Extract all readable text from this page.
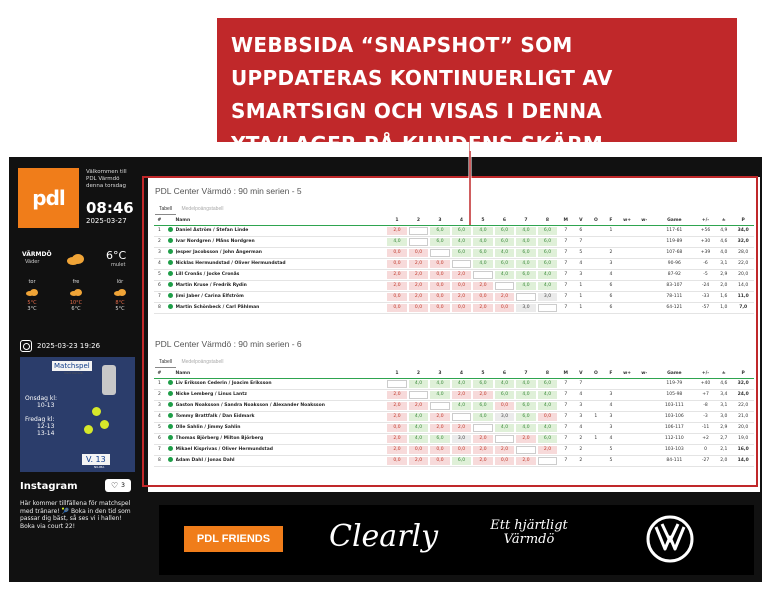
pdl
Välkommen till PDL Värmdö denna torsdag
08:46
2025-03-27
VÄRMDÖ
Väder	6°C
mulet
tor
5°C
3°C
fre
10°C
6°C
lör
8°C
5°C
2025-03-23 19:26
Matchspel
med tränare
Onsdag kl:
10-13
Fredag kl:
12-13
13-14
V. 13
NILIMA
Instagram	♡ 3
Här kommer tillfällena för matchspel med tränare! 🎾 Boka in den tid som passar dig bäst, så ses vi i hallen! Boka via court 22!
PDL Center Värmdö : 90 min serien - 5
Tabell Medelpoängstabell
#		Namn	1	2	3	4	5	6	7	8	M	V	O	F	w+	w-	Game	+/-	±	P
1		Daniel Åström / Stefan Linde	2,0		6,0	6,0	4,0	6,0	4,0	6,0	7	6		1			117-61	+56	4,9	34,0
2		Ivar Nordgren / Måns Nordgren	4,0		6,0	4,0	4,0	6,0	4,0	6,0	7	7					119-89	+30	4,6	32,0
3		Jesper Jacobsson / John Ångerman	0,0	0,0		6,0	6,0	4,0	6,0	6,0	7	5		2			107-68	+39	4,0	28,0
4		Nicklas Hermundstad / Oliver Hermundstad	0,0	2,0	0,0		4,0	6,0	4,0	6,0	7	4		3			90-96	-6	3,1	22,0
5		Lill Cronås / Jocke Cronås	2,0	2,0	0,0	2,0		4,0	6,0	4,0	7	3		4			87-92	-5	2,9	20,0
6		Martin Kruse / Fredrik Rydin	2,0	2,0	0,0	0,0	2,0		4,0	4,0	7	1		6			83-107	-24	2,0	14,0
7		Jimi Jaber / Carina Elfström	0,0	2,0	0,0	2,0	0,0	2,0		3,0	7	1		6			78-111	-33	1,6	11,0
8		Martin Schönbeck / Carl Påhlman	0,0	0,0	0,0	0,0	2,0	0,0	3,0		7	1		6			64-121	-57	1,0	7,0
PDL Center Värmdö : 90 min serien - 6
Tabell Medelpoängstabell
#		Namn	1	2	3	4	5	6	7	8	M	V	O	F	w+	w-	Game	+/-	±	P
1		Liv Eriksson Cederin / Joacim Eriksson		4,0	4,0	4,0	6,0	4,0	4,0	6,0	7	7					119-79	+40	4,6	32,0
2		Nicke Lemberg / Linus Lantz	2,0		4,0	2,0	2,0	6,0	4,0	4,0	7	4		3			105-98	+7	3,4	24,0
3		Gaston Noaksson / Sandra Noaksson / Alexander Noaksson	2,0	2,0		4,0	6,0	0,0	6,0	4,0	7	3		4			103-111	-8	3,1	22,0
4		Tommy Brattfalk / Dan Eidmark	2,0	4,0	2,0		4,0	3,0	6,0	0,0	7	3	1	3			103-106	-3	3,0	21,0
5		Olle Sahlin / Jimmy Sahlin	0,0	4,0	2,0	2,0		4,0	4,0	4,0	7	4		3			106-117	-11	2,9	20,0
6		Thomas Björberg / Milton Björberg	2,0	4,0	6,0	3,0	2,0		2,0	6,0	7	2	1	4			112-110	+2	2,7	19,0
7		Mikael Kisprivas / Oliver Hermundstad	2,0	0,0	0,0	0,0	2,0	2,0		2,0	7	2		5			103-103	0	2,1	16,0
8		Adam Dahl / Jonas Dahl	0,0	2,0	0,0	6,0	2,0	0,0	2,0		7	2		5			84-111	-27	2,0	14,0
PDL FRIENDS	Clearly	Ett hjärtligt
Värmdö
WEBBSIDA “SNAPSHOT” SOM UPPDATERAS KONTINUERLIGT AV SMARTSIGN OCH VISAS I DENNA YTA/LAGER PÅ KUNDENS SKÄRM.
